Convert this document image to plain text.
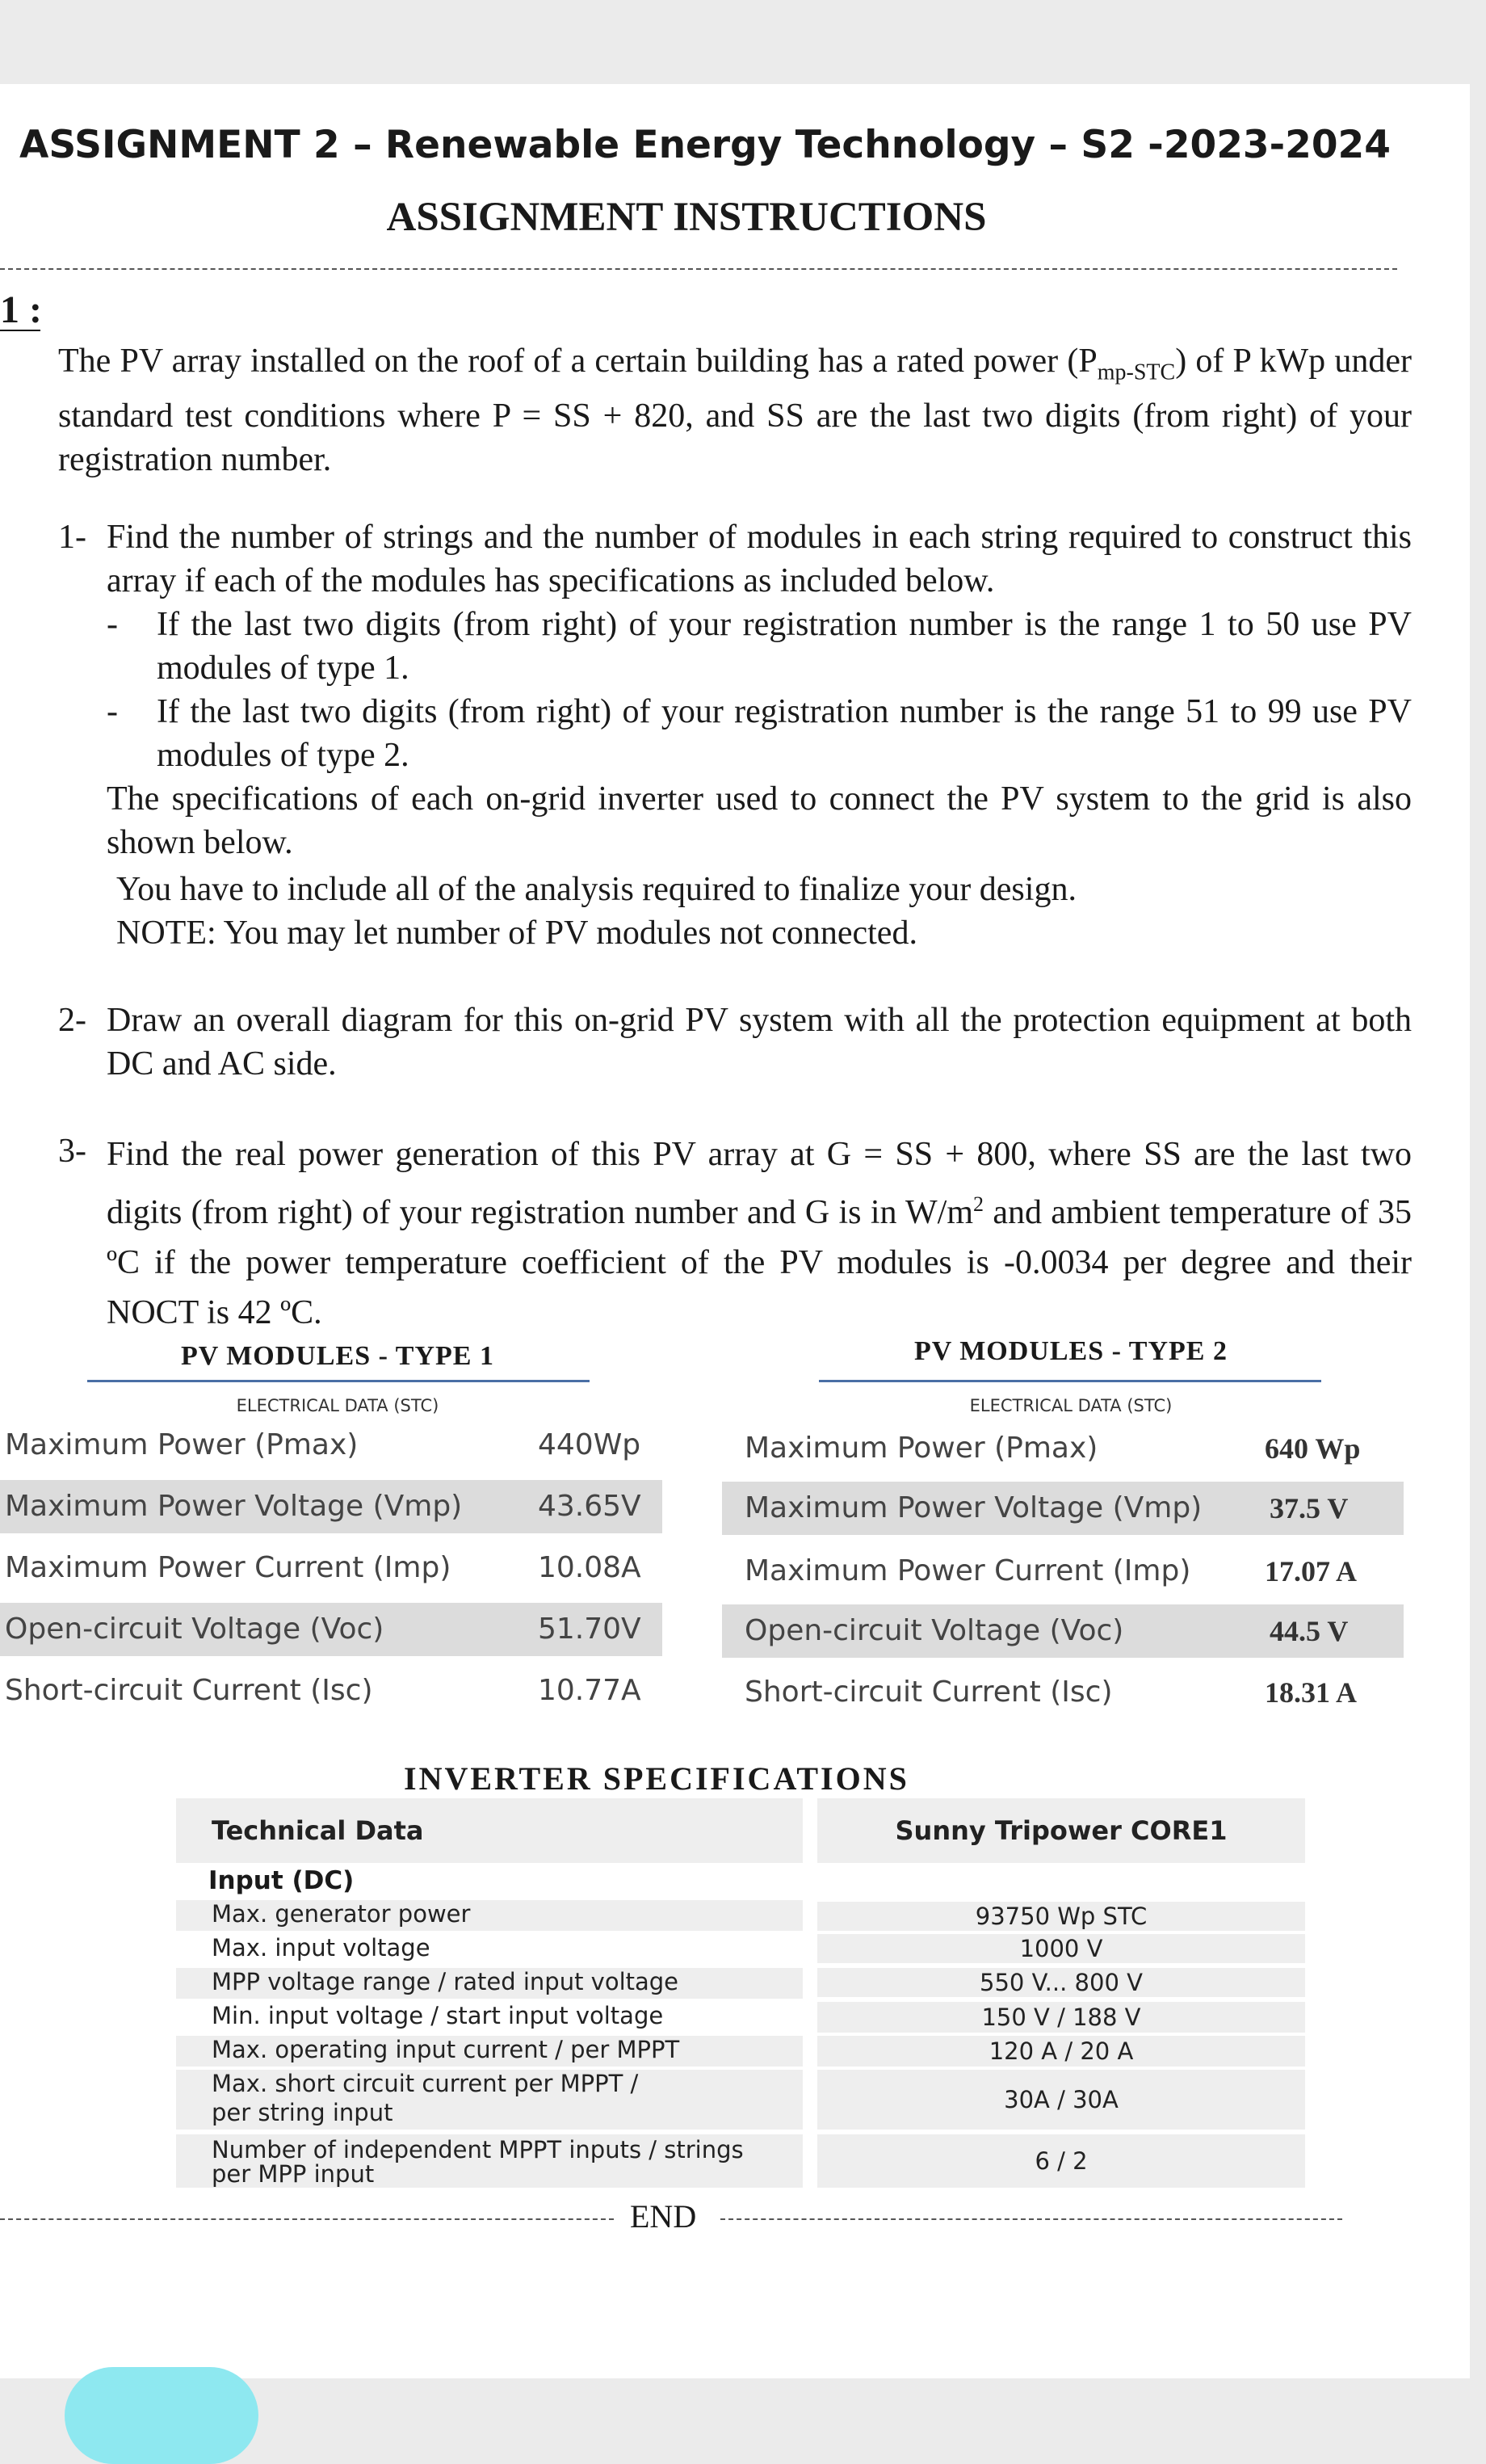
ASSIGNMENT 2 – Renewable Energy Technology – S2 -2023-2024
ASSIGNMENT INSTRUCTIONS
1 :
The PV array installed on the roof of a certain building has a rated power $(P_{mp-STC})$ of P kWp under standard test conditions where P = SS + 820, and SS are the last two digits (from right) of your registration number.
1- Find the number of strings and the number of modules in each string required to construct this array if each of the modules has specifications as included below.
- If the last two digits (from right) of your registration number is the range 1 to 50 use PV modules of type 1.
- If the last two digits (from right) of your registration number is the range 51 to 99 use PV modules of type 2.
The specifications of each on-grid inverter used to connect the PV system to the grid is also shown below.
You have to include all of the analysis required to finalize your design.
NOTE: You may let number of PV modules not connected.
2- Draw an overall diagram for this on-grid PV system with all the protection equipment at both DC and AC side.
3- Find the real power generation of this PV array at G = SS + 800, where SS are the last two digits (from right) of your registration number and G is in $W/m^2$ and ambient temperature of 35 ºC if the power temperature coefficient of the PV modules is -0.0034 per degree and their NOCT is 42 ºC.
PV MODULES - TYPE 1
ELECTRICAL DATA (STC)
Maximum Power (Pmax)	440Wp
Maximum Power Voltage (Vmp)	43.65V
Maximum Power Current (Imp)	10.08A
Open-circuit Voltage (Voc)	51.70V
Short-circuit Current (Isc)	10.77A
PV MODULES - TYPE 2
ELECTRICAL DATA (STC)
Maximum Power (Pmax)	640 Wp
Maximum Power Voltage (Vmp) 37.5 V
Maximum Power Current (Imp)	17.07 A
Open-circuit Voltage (Voc)	44.5 V
Short-circuit Current (Isc)	18.31 A
INVERTER SPECIFICATIONS
Technical Data	Sunny Tripower CORE1
Input (DC)
Max. generator power	93750 Wp STC
Max. input voltage	1000 V
MPP voltage range / rated input voltage	550 V... 800 V
Min. input voltage / start input voltage	150 V / 188 V
Max. operating input current / per MPPT	120 A / 20 A
Max. short circuit current per MPPT /
per string input	30A / 30A
Number of independent MPPT inputs / strings
per MPP input	6 / 2
END
